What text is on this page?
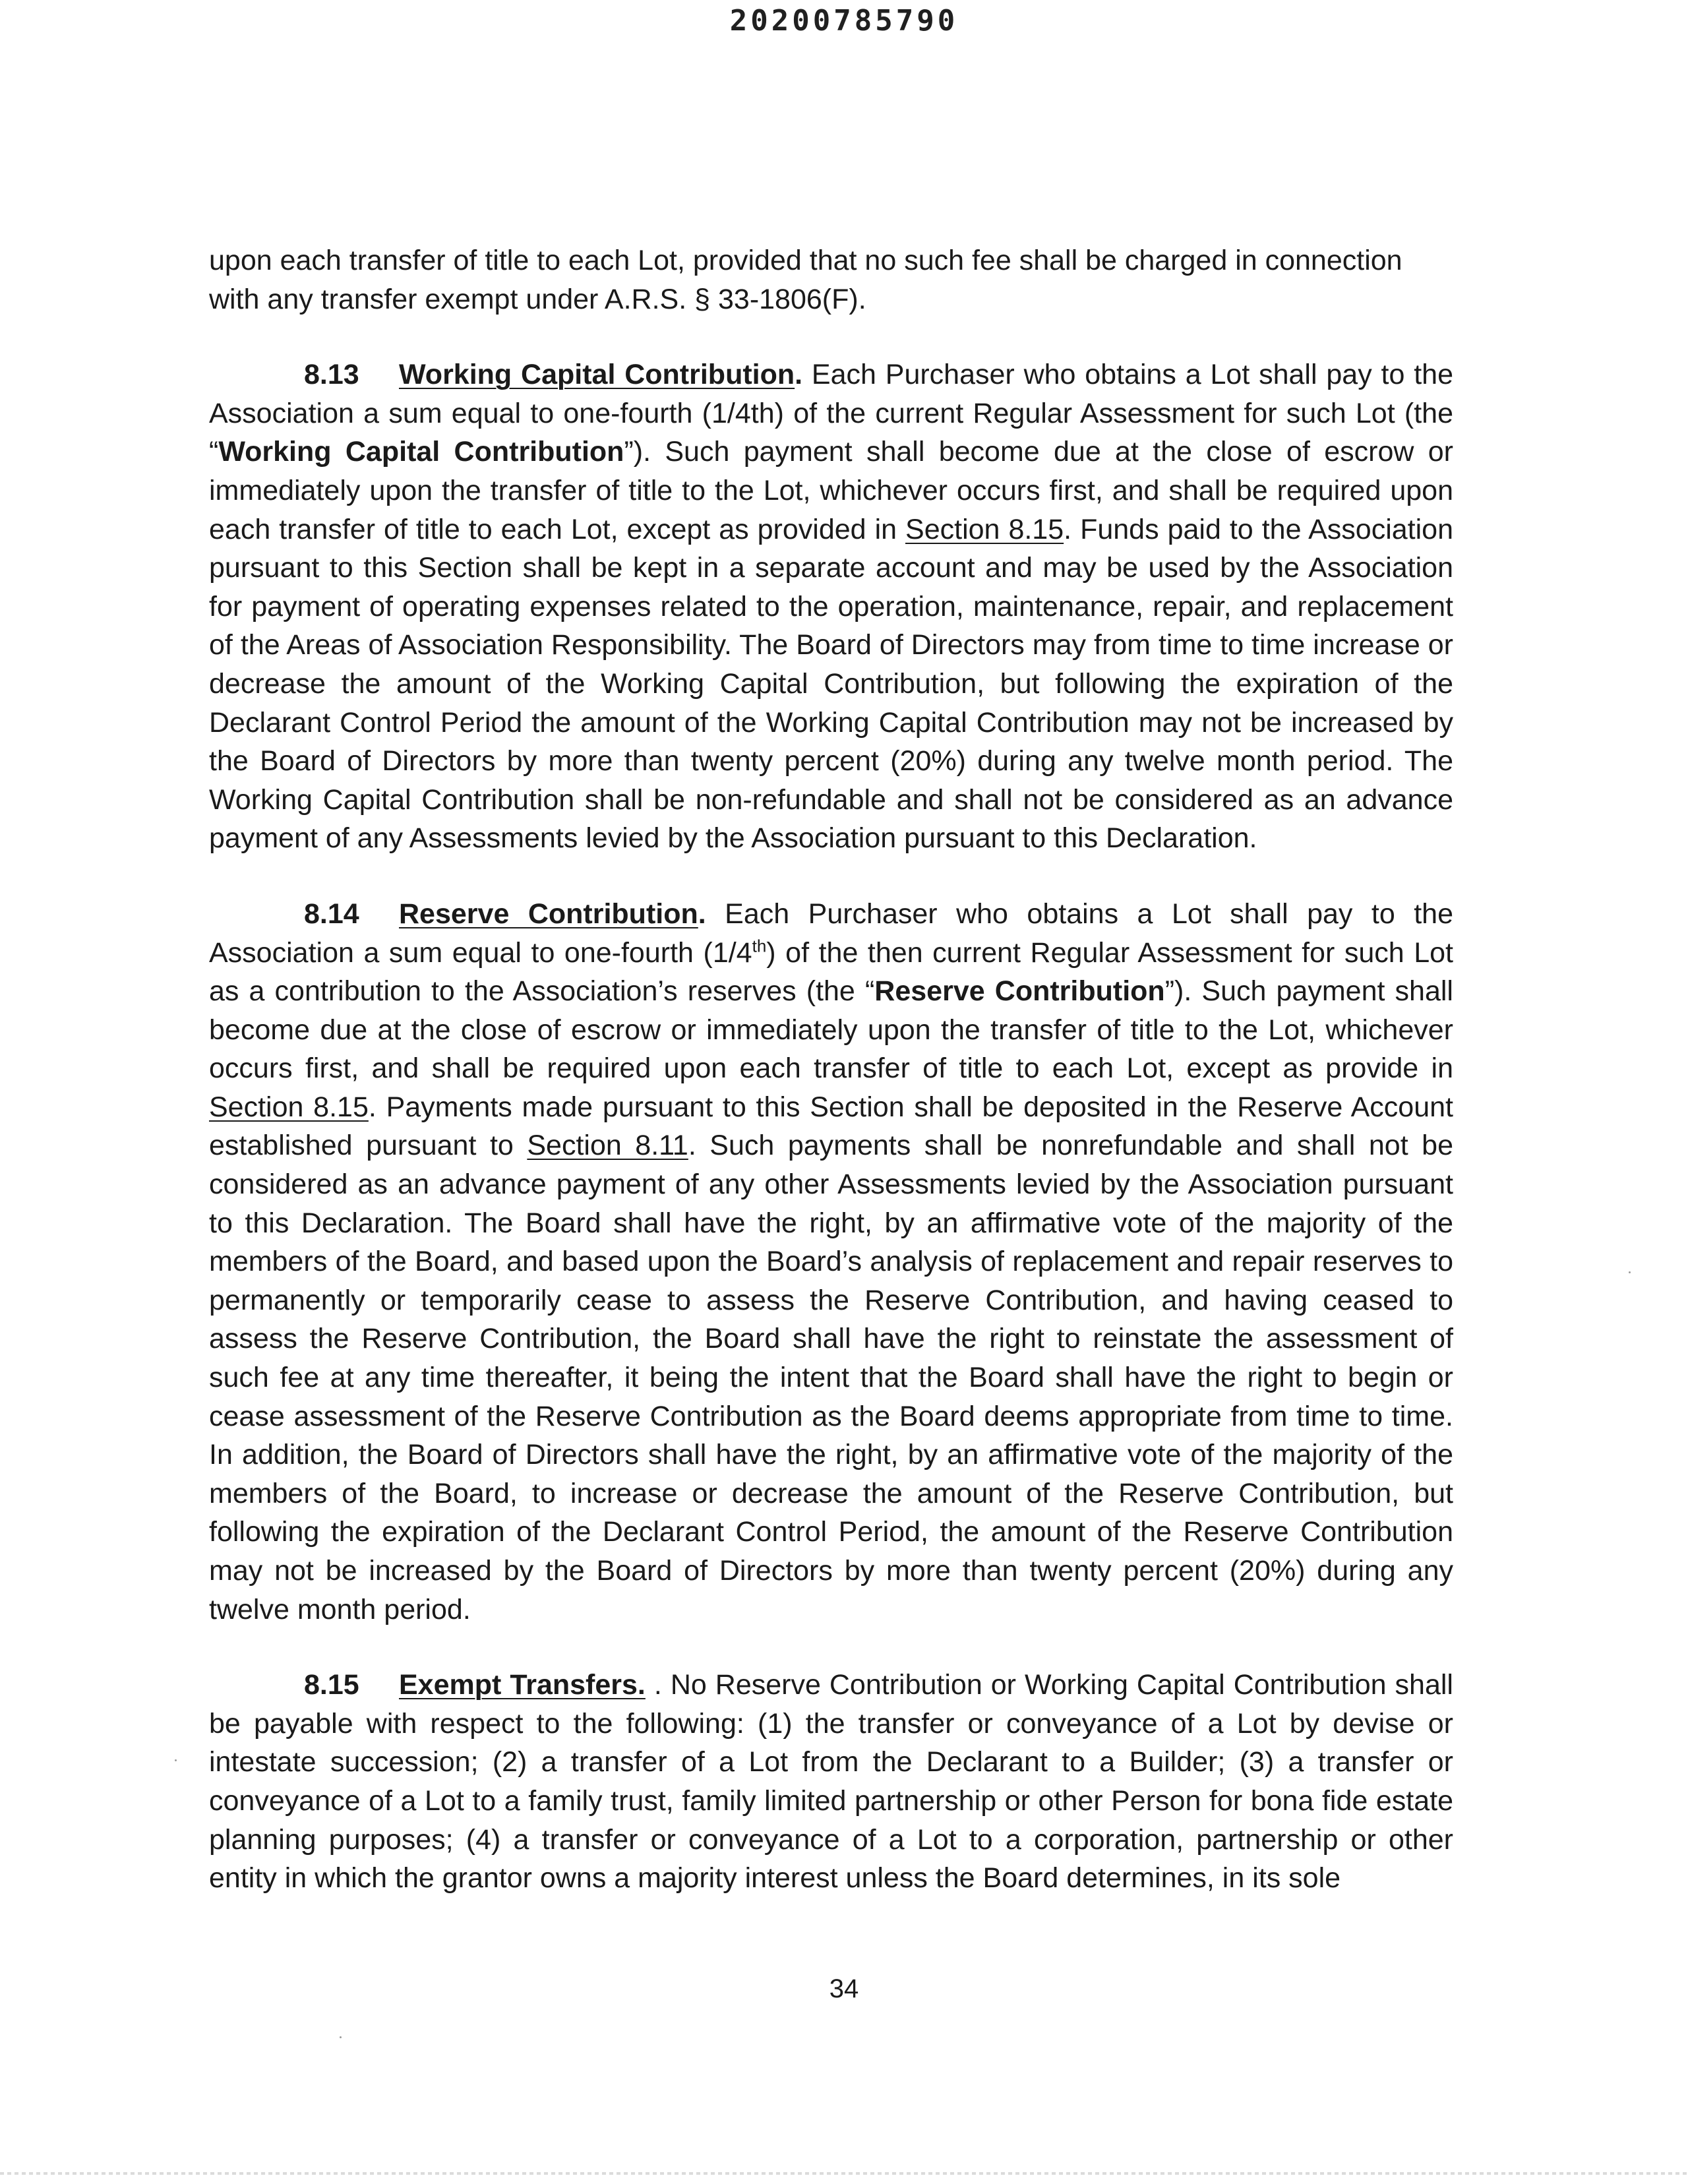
20200785790

upon each transfer of title to each Lot, provided that no such fee shall be charged in connection with any transfer exempt under A.R.S. § 33-1806(F).

8.13 Working Capital Contribution. Each Purchaser who obtains a Lot shall pay to the Association a sum equal to one-fourth (1/4th) of the current Regular Assessment for such Lot (the “Working Capital Contribution”). Such payment shall become due at the close of escrow or immediately upon the transfer of title to the Lot, whichever occurs first, and shall be required upon each transfer of title to each Lot, except as provided in Section 8.15. Funds paid to the Association pursuant to this Section shall be kept in a separate account and may be used by the Association for payment of operating expenses related to the operation, maintenance, repair, and replacement of the Areas of Association Responsibility. The Board of Directors may from time to time increase or decrease the amount of the Working Capital Contribution, but following the expiration of the Declarant Control Period the amount of the Working Capital Contribution may not be increased by the Board of Directors by more than twenty percent (20%) during any twelve month period. The Working Capital Contribution shall be non-refundable and shall not be considered as an advance payment of any Assessments levied by the Association pursuant to this Declaration.

8.14 Reserve Contribution. Each Purchaser who obtains a Lot shall pay to the Association a sum equal to one-fourth (1/4th) of the then current Regular Assessment for such Lot as a contribution to the Association’s reserves (the “Reserve Contribution”). Such payment shall become due at the close of escrow or immediately upon the transfer of title to the Lot, whichever occurs first, and shall be required upon each transfer of title to each Lot, except as provide in Section 8.15. Payments made pursuant to this Section shall be deposited in the Reserve Account established pursuant to Section 8.11. Such payments shall be nonrefundable and shall not be considered as an advance payment of any other Assessments levied by the Association pursuant to this Declaration. The Board shall have the right, by an affirmative vote of the majority of the members of the Board, and based upon the Board’s analysis of replacement and repair reserves to permanently or temporarily cease to assess the Reserve Contribution, and having ceased to assess the Reserve Contribution, the Board shall have the right to reinstate the assessment of such fee at any time thereafter, it being the intent that the Board shall have the right to begin or cease assessment of the Reserve Contribution as the Board deems appropriate from time to time. In addition, the Board of Directors shall have the right, by an affirmative vote of the majority of the members of the Board, to increase or decrease the amount of the Reserve Contribution, but following the expiration of the Declarant Control Period, the amount of the Reserve Contribution may not be increased by the Board of Directors by more than twenty percent (20%) during any twelve month period.

8.15 Exempt Transfers. . No Reserve Contribution or Working Capital Contribution shall be payable with respect to the following: (1) the transfer or conveyance of a Lot by devise or intestate succession; (2) a transfer of a Lot from the Declarant to a Builder; (3) a transfer or conveyance of a Lot to a family trust, family limited partnership or other Person for bona fide estate planning purposes; (4) a transfer or conveyance of a Lot to a corporation, partnership or other entity in which the grantor owns a majority interest unless the Board determines, in its sole

34
